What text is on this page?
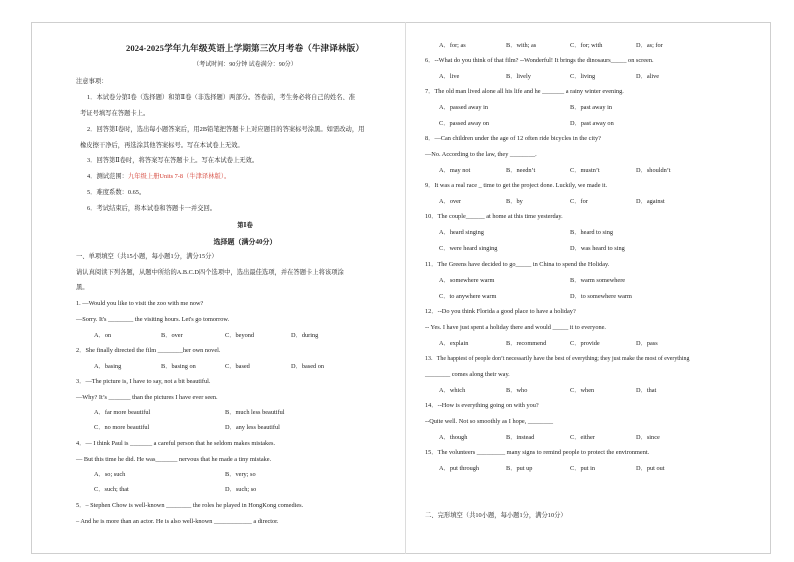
2024-2025学年九年级英语上学期第三次月考卷（牛津译林版）
（考试时间：90分钟 试卷满分：90分）
注意事项：
1．本试卷分第Ⅰ卷（选择题）和第Ⅱ卷（非选择题）两部分。答卷前，考生务必将自己的姓名、准
考证号填写在答题卡上。
2．回答第Ⅰ卷时，选出每小题答案后，用2B铅笔把答题卡上对应题目的答案标号涂黑。如需改动，用
橡皮擦干净后，再选涂其他答案标号。写在本试卷上无效。
3．回答第Ⅱ卷时，将答案写在答题卡上。写在本试卷上无效。
4．测试范围：九年级上册Units 7-8（牛津译林版）。
5．难度系数：0.65。
6．考试结束后，将本试卷和答题卡一并交回。
第Ⅰ卷
选择题（满分40分）
一、单项填空（共15小题，每小题1分，满分15分）
请认真阅读下列各题，从题中所给的A.B.C.D四个选项中，选出最佳选项，并在答题卡上将该项涂
黑。
1. —Would you like to visit the zoo with me now?
—Sorry. It's ________ the visiting hours. Let's go tomorrow.
A．on	B．over	C．beyond	D．during
2．She finally directed the film ________her own novel.
A．basing	B．basing on	C．based	D．based on
3．—The picture is, I have to say, not a bit beautiful.
—Why? It’s _______ than the pictures I have ever seen.
A．far more beautiful	B．much less beautiful
C．no more beautiful	D．any less beautiful
4．— I think Paul is _______ a careful person that he seldom makes mistakes.
— But this time he did. He was_______ nervous that he made a tiny mistake.
A．so; such	B．very; so
C．such; that	D．such; so
5．– Stephen Chow is well-known ________ the roles he played in HongKong comedies.
– And he is more than an actor. He is also well-known ____________ a director.
A．for; as	B．with; as	C．for; with	D．as; for
6．--What do you think of that film? --Wonderful! It brings the dinosaurs_____ on screen.
A．live	B．lively	C．living	D．alive
7．The old man lived alone all his life and he _______ a rainy winter evening.
A．passed away in	B．past away in
C．passed away on	D．past away on
8．—Can children under the age of 12 often ride bicycles in the city?
—No. According to the law, they ________.
A．may not	B．needn’t	C．mustn’t	D．shouldn’t
9．It was a real race _ time to get the project done. Luckily, we made it.
A．over	B．by	C．for	D．against
10．The couple______ at home at this time yesterday.
A．heard singing	B．heard to sing
C．were heard singing	D．was heard to sing
11．The Greens have decided to go_____ in China to spend the Holiday.
A．somewhere warm	B．warm somewhere
C．to anywhere warm	D．to somewhere warm
12．--Do you think Florida a good place to have a holiday?
-- Yes. I have just spent a holiday there and would _____ it to everyone.
A．explain	B．recommend	C．provide	D．pass
13．The happiest of people don’t necessarily have the best of everything; they just make the most of everything
________ comes along their way.
A．which	B．who	C．when	D．that
14．--How is everything going on with you?
--Quite well. Not so smoothly as I hope, ________
A．though	B．instead	C．either	D．since
15．The volunteers _________ many signs to remind people to protect the environment.
A．put through	B．put up	C．put in	D．put out
二、完形填空（共10小题，每小题1分，满分10分）
